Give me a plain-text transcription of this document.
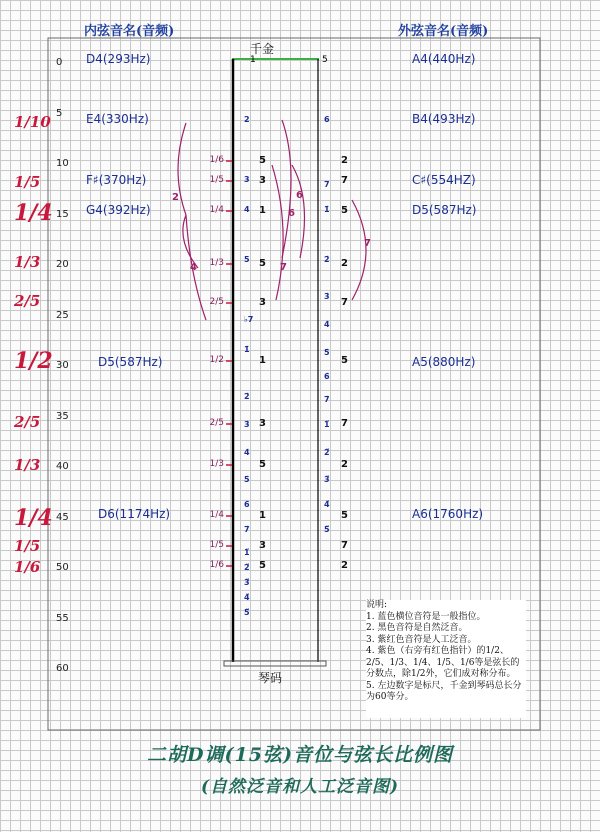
内弦音名(音频)	外弦音名(音频)
千金
琴码
1	5
0
5
10
15
20
25
30
35
40
45
50
55
60
1/10
1/5
1/4
1/3
2/5
1/2
2/5
1/3
1/4
1/5
1/6
D4(293Hz)
E4(330Hz)
F♯(370Hz)
G4(392Hz)
D5(587Hz)
D6(1174Hz)
A4(440Hz)
B4(493Hz)
C♯(554HZ)
D5(587Hz)
A5(880Hz)
A6(1760Hz)
1/6
1/5
1/4
1/3
2/5
1/2
2/5
1/3
1/4
1/5
1/6
2
3
4
5
♭7
1̇
2̇
3̇
4̇
5̇
6̇
7̇
1̈
2̈
3̈
4̈
5̈
6
7
1̇
2̇
3̇
4̇
5̇
6̇
7̇
1̈
2̈
3̈
4̈
5̈
5
3
1
5
3
1
3
5
1
3
5
2
7
5
2
7
5
7
2
5
7
2
2
4
6
7
6
7
说明:
1. 蓝色横位音符是一般指位。
2. 黑色音符是自然泛音。
3. 紫红色音符是人工泛音。
4. 紫色（右旁有红色指针）的1/2、2/5、1/3、1/4、1/5、1/6等是弦长的分数点，除1/2外，它们成对称分布。
5. 左边数字是标尺，千金到琴码总长分为60等分。
二胡D调(15弦)音位与弦长比例图
(自然泛音和人工泛音图)
